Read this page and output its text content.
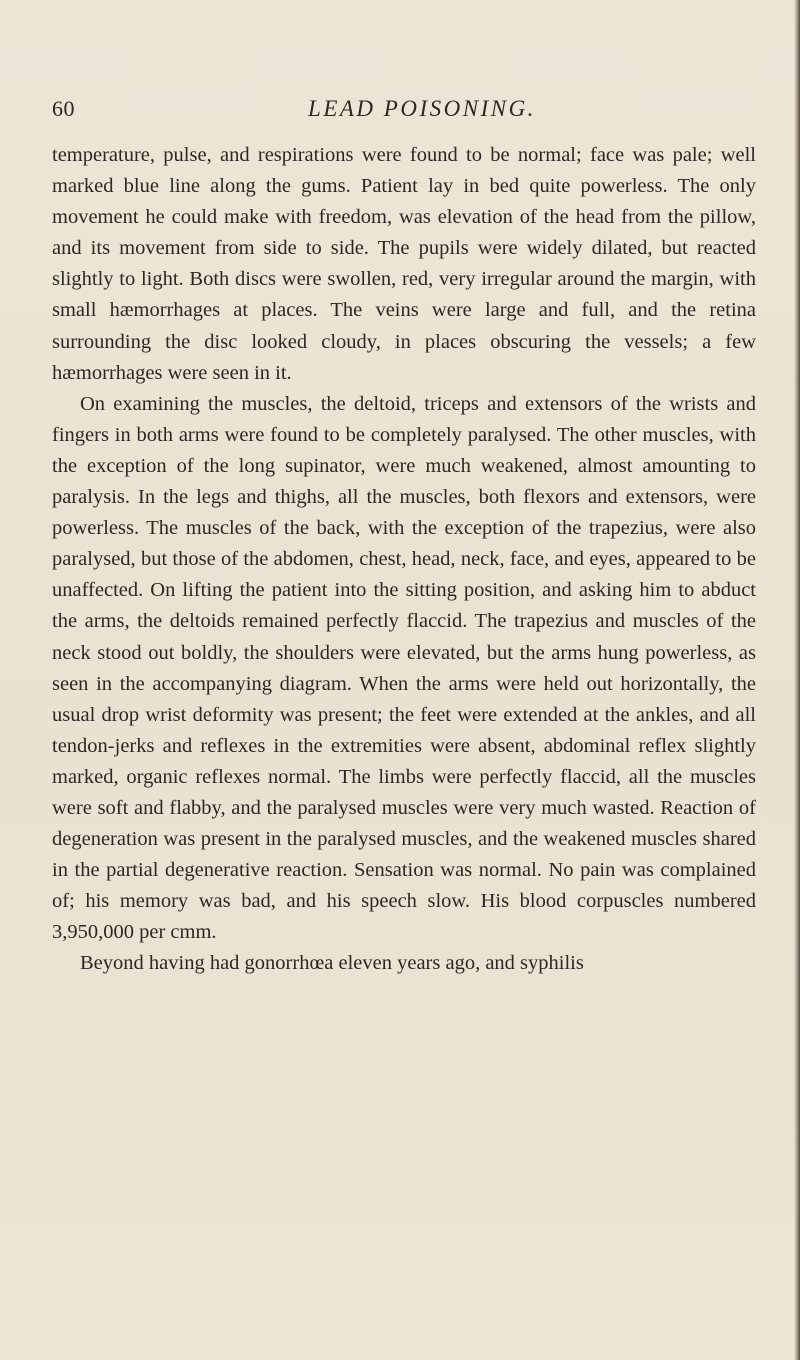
60	LEAD POISONING.

temperature, pulse, and respirations were found to be normal; face was pale; well marked blue line along the gums. Patient lay in bed quite powerless. The only movement he could make with freedom, was elevation of the head from the pillow, and its movement from side to side. The pupils were widely dilated, but reacted slightly to light. Both discs were swollen, red, very irregular around the margin, with small hæmorrhages at places. The veins were large and full, and the retina surrounding the disc looked cloudy, in places obscuring the vessels; a few hæmorrhages were seen in it.

On examining the muscles, the deltoid, triceps and extensors of the wrists and fingers in both arms were found to be completely paralysed. The other muscles, with the exception of the long supinator, were much weakened, almost amounting to paralysis. In the legs and thighs, all the muscles, both flexors and extensors, were powerless. The muscles of the back, with the exception of the trapezius, were also paralysed, but those of the abdomen, chest, head, neck, face, and eyes, appeared to be unaffected. On lifting the patient into the sitting position, and asking him to abduct the arms, the deltoids remained perfectly flaccid. The trapezius and muscles of the neck stood out boldly, the shoulders were elevated, but the arms hung powerless, as seen in the accompanying diagram. When the arms were held out horizontally, the usual drop wrist deformity was present; the feet were extended at the ankles, and all tendon-jerks and reflexes in the extremities were absent, abdominal reflex slightly marked, organic reflexes normal. The limbs were perfectly flaccid, all the muscles were soft and flabby, and the paralysed muscles were very much wasted. Reaction of degeneration was present in the paralysed muscles, and the weakened muscles shared in the partial degenerative reaction. Sensation was normal. No pain was complained of; his memory was bad, and his speech slow. His blood corpuscles numbered 3,950,000 per cmm.

Beyond having had gonorrhœa eleven years ago, and syphilis
